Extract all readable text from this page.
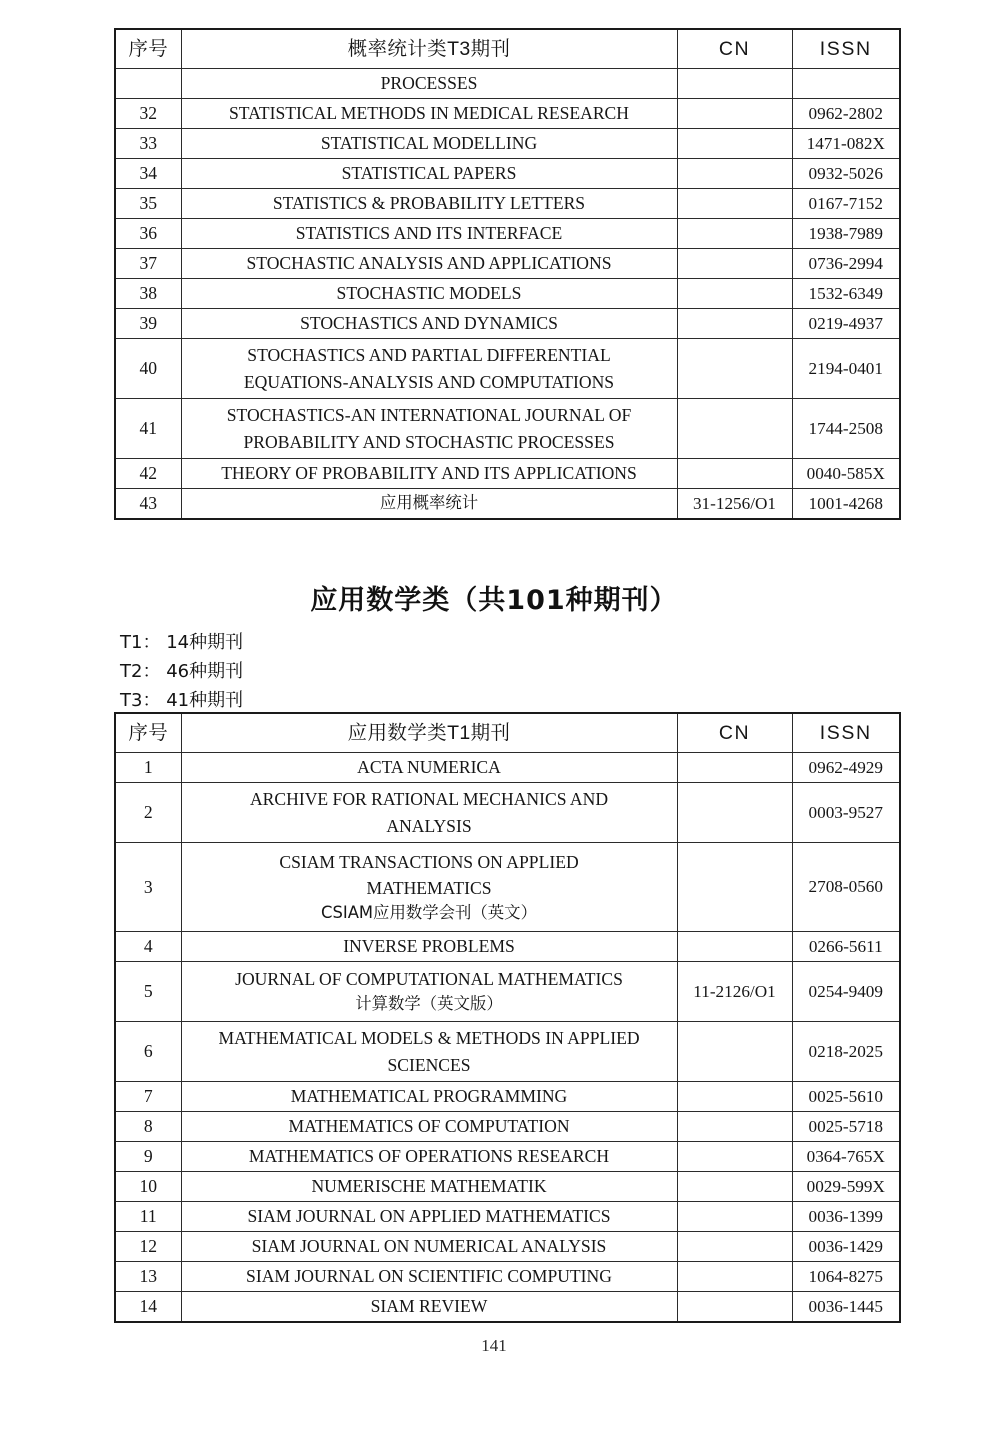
序号	概率统计类T3期刊	CN	ISSN

	PROCESSES		

32	STATISTICAL METHODS IN MEDICAL RESEARCH		0962-2802
33	STATISTICAL MODELLING		1471-082X
34	STATISTICAL PAPERS		0932-5026
35	STATISTICS & PROBABILITY LETTERS		0167-7152
36	STATISTICS AND ITS INTERFACE		1938-7989
37	STOCHASTIC ANALYSIS AND APPLICATIONS		0736-2994
38	STOCHASTIC MODELS		1532-6349
39	STOCHASTICS AND DYNAMICS		0219-4937
40	STOCHASTICS AND PARTIAL DIFFERENTIAL
EQUATIONS-ANALYSIS AND COMPUTATIONS		2194-0401
41	STOCHASTICS-AN INTERNATIONAL JOURNAL OF
PROBABILITY AND STOCHASTIC PROCESSES		1744-2508
42	THEORY OF PROBABILITY AND ITS APPLICATIONS		0040-585X
43	应用概率统计	31-1256/O1	1001-4268
应用数学类（共101种期刊）
T1： 14种期刊
T2： 46种期刊
T3： 41种期刊
序号	应用数学类T1期刊	CN	ISSN
1	ACTA NUMERICA		0962-4929
2	ARCHIVE FOR RATIONAL MECHANICS AND
ANALYSIS		0003-9527
3	CSIAM TRANSACTIONS ON APPLIED
MATHEMATICS
CSIAM应用数学会刊（英文）		2708-0560
4	INVERSE PROBLEMS		0266-5611
5	JOURNAL OF COMPUTATIONAL MATHEMATICS
计算数学（英文版）	11-2126/O1	0254-9409
6	MATHEMATICAL MODELS & METHODS IN APPLIED
SCIENCES		0218-2025
7	MATHEMATICAL PROGRAMMING		0025-5610
8	MATHEMATICS OF COMPUTATION		0025-5718
9	MATHEMATICS OF OPERATIONS RESEARCH		0364-765X
10	NUMERISCHE MATHEMATIK		0029-599X
11	SIAM JOURNAL ON APPLIED MATHEMATICS		0036-1399
12	SIAM JOURNAL ON NUMERICAL ANALYSIS		0036-1429
13	SIAM JOURNAL ON SCIENTIFIC COMPUTING		1064-8275
14	SIAM REVIEW		0036-1445
141
